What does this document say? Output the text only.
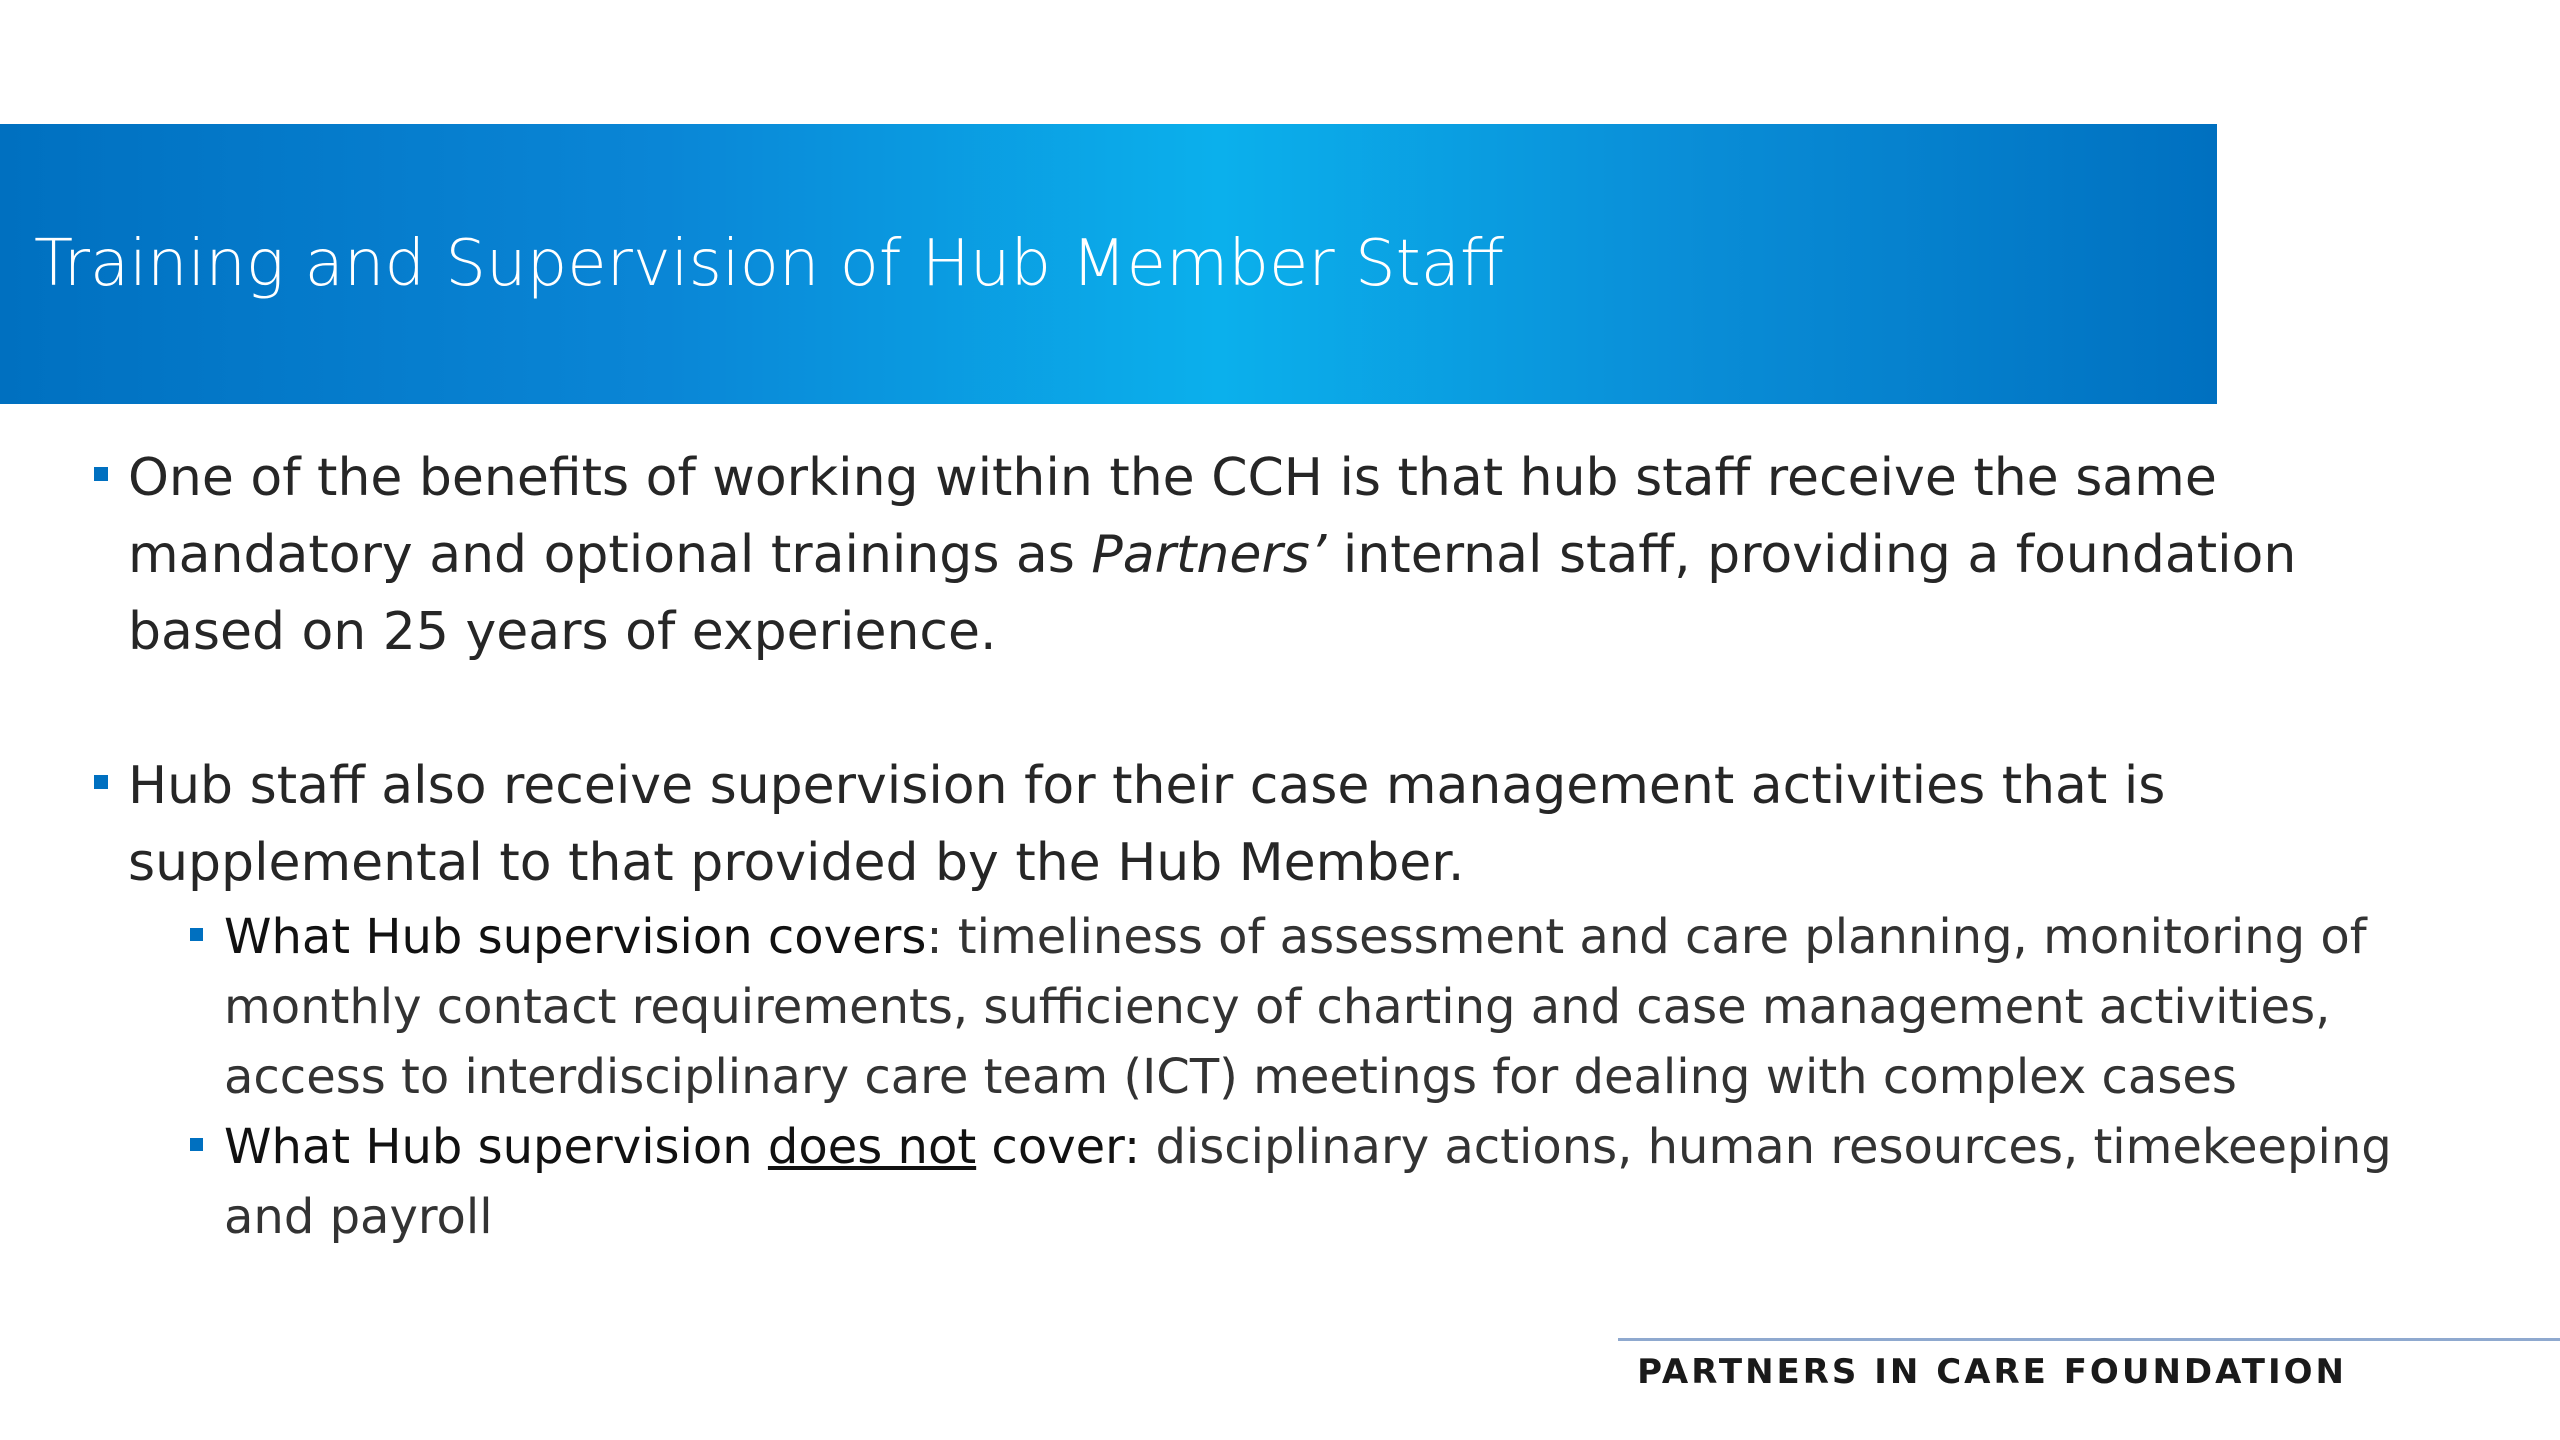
Training and Supervision of Hub Member Staff
One of the benefits of working within the CCH is that hub staff receive the same mandatory and optional trainings as Partners’ internal staff, providing a foundation based on 25 years of experience.
Hub staff also receive supervision for their case management activities that is supplemental to that provided by the Hub Member.
What Hub supervision covers: timeliness of assessment and care planning, monitoring of monthly contact requirements, sufficiency of charting and case management activities, access to interdisciplinary care team (ICT) meetings for dealing with complex cases
What Hub supervision does not cover: disciplinary actions, human resources, timekeeping and payroll
PARTNERS IN CARE FOUNDATION
